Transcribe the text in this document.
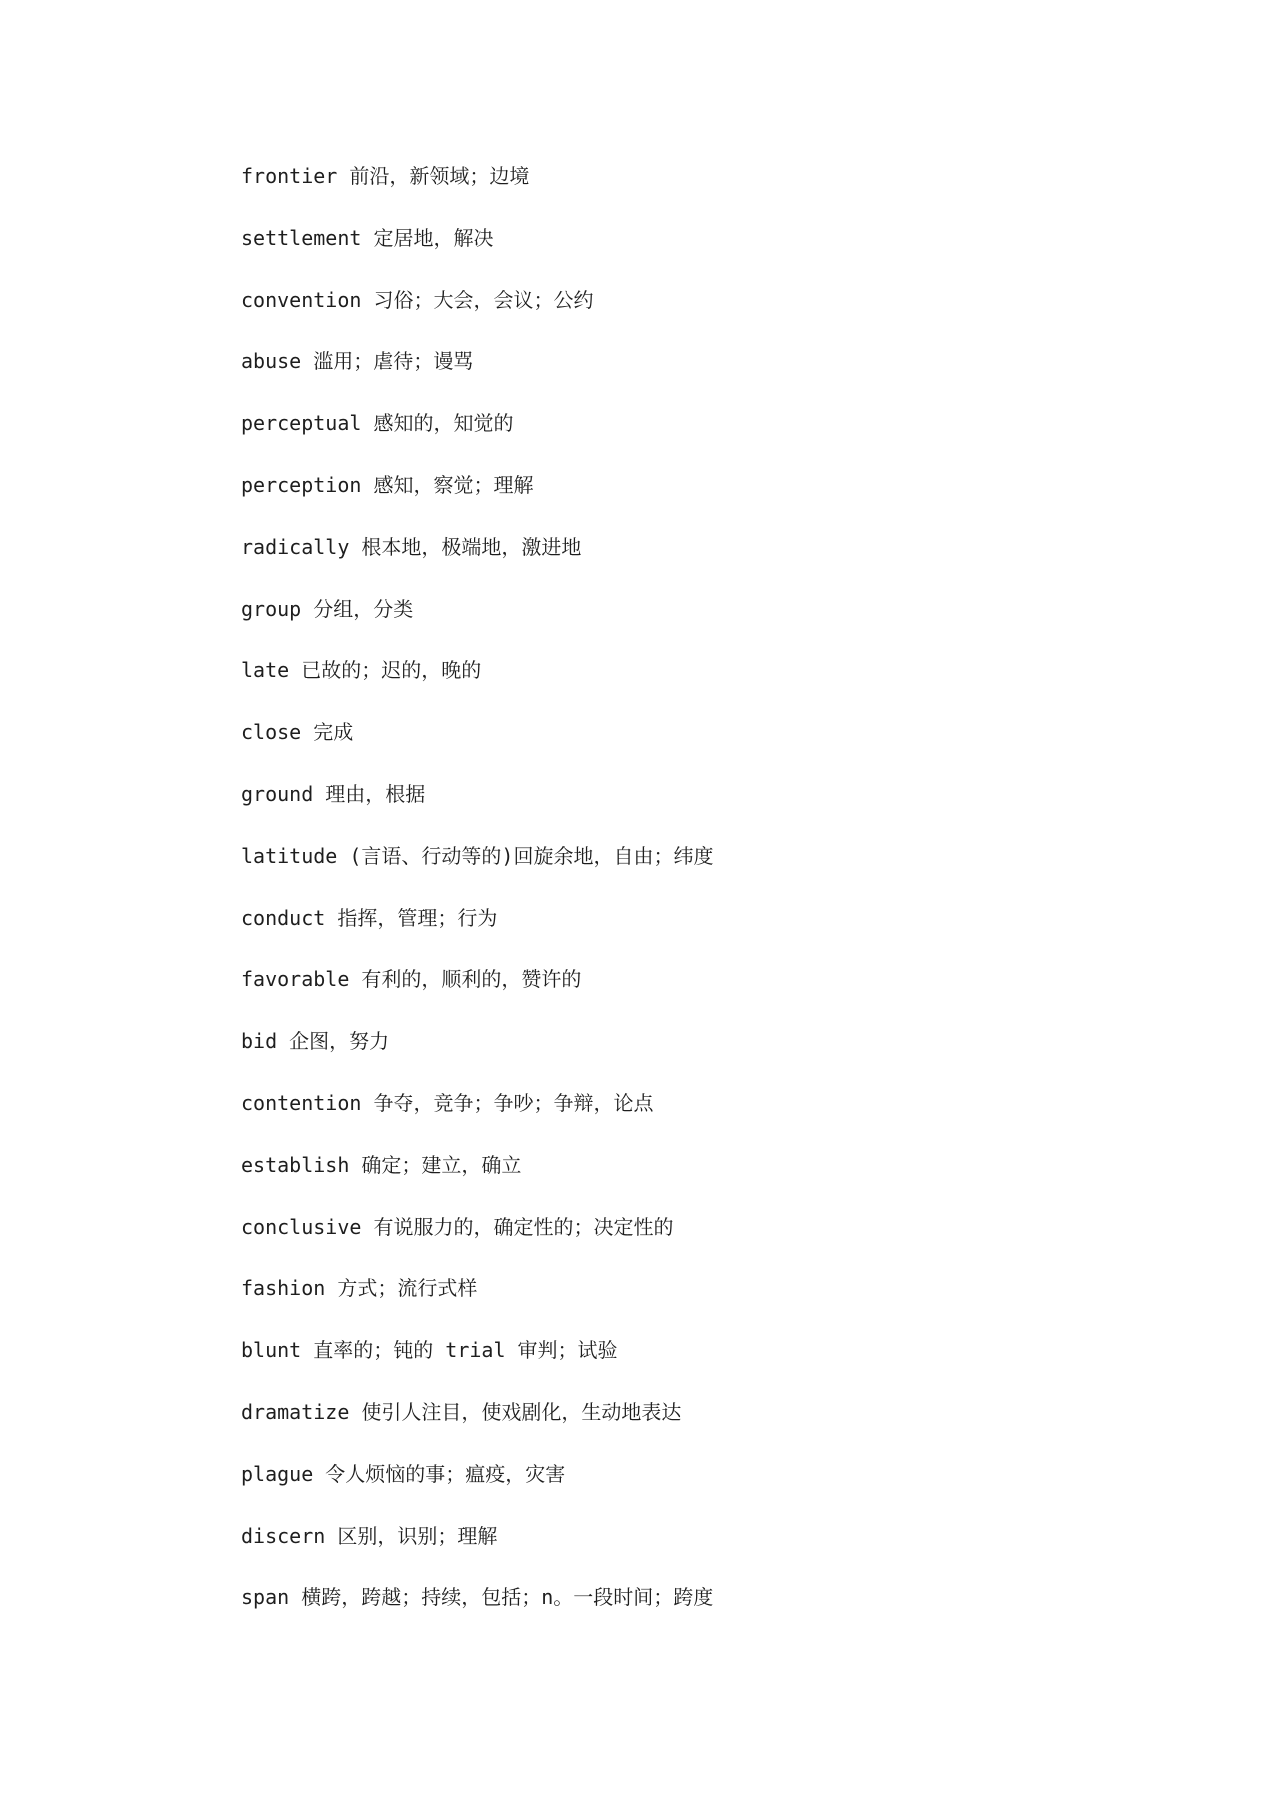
frontier 前沿，新领域；边境
settlement 定居地，解决
convention 习俗；大会，会议；公约
abuse 滥用；虐待；谩骂
perceptual 感知的，知觉的
perception 感知，察觉；理解
radically 根本地，极端地，激进地
group 分组，分类
late 已故的；迟的，晚的
close 完成
ground 理由，根据
latitude (言语、行动等的)回旋余地，自由；纬度
conduct 指挥，管理；行为
favorable 有利的，顺利的，赞许的
bid 企图，努力
contention 争夺，竞争；争吵；争辩，论点
establish 确定；建立，确立
conclusive 有说服力的，确定性的；决定性的
fashion 方式；流行式样
blunt 直率的；钝的 trial 审判；试验
dramatize 使引人注目，使戏剧化，生动地表达
plague 令人烦恼的事；瘟疫，灾害
discern 区别，识别；理解
span 横跨，跨越；持续，包括；n。一段时间；跨度
